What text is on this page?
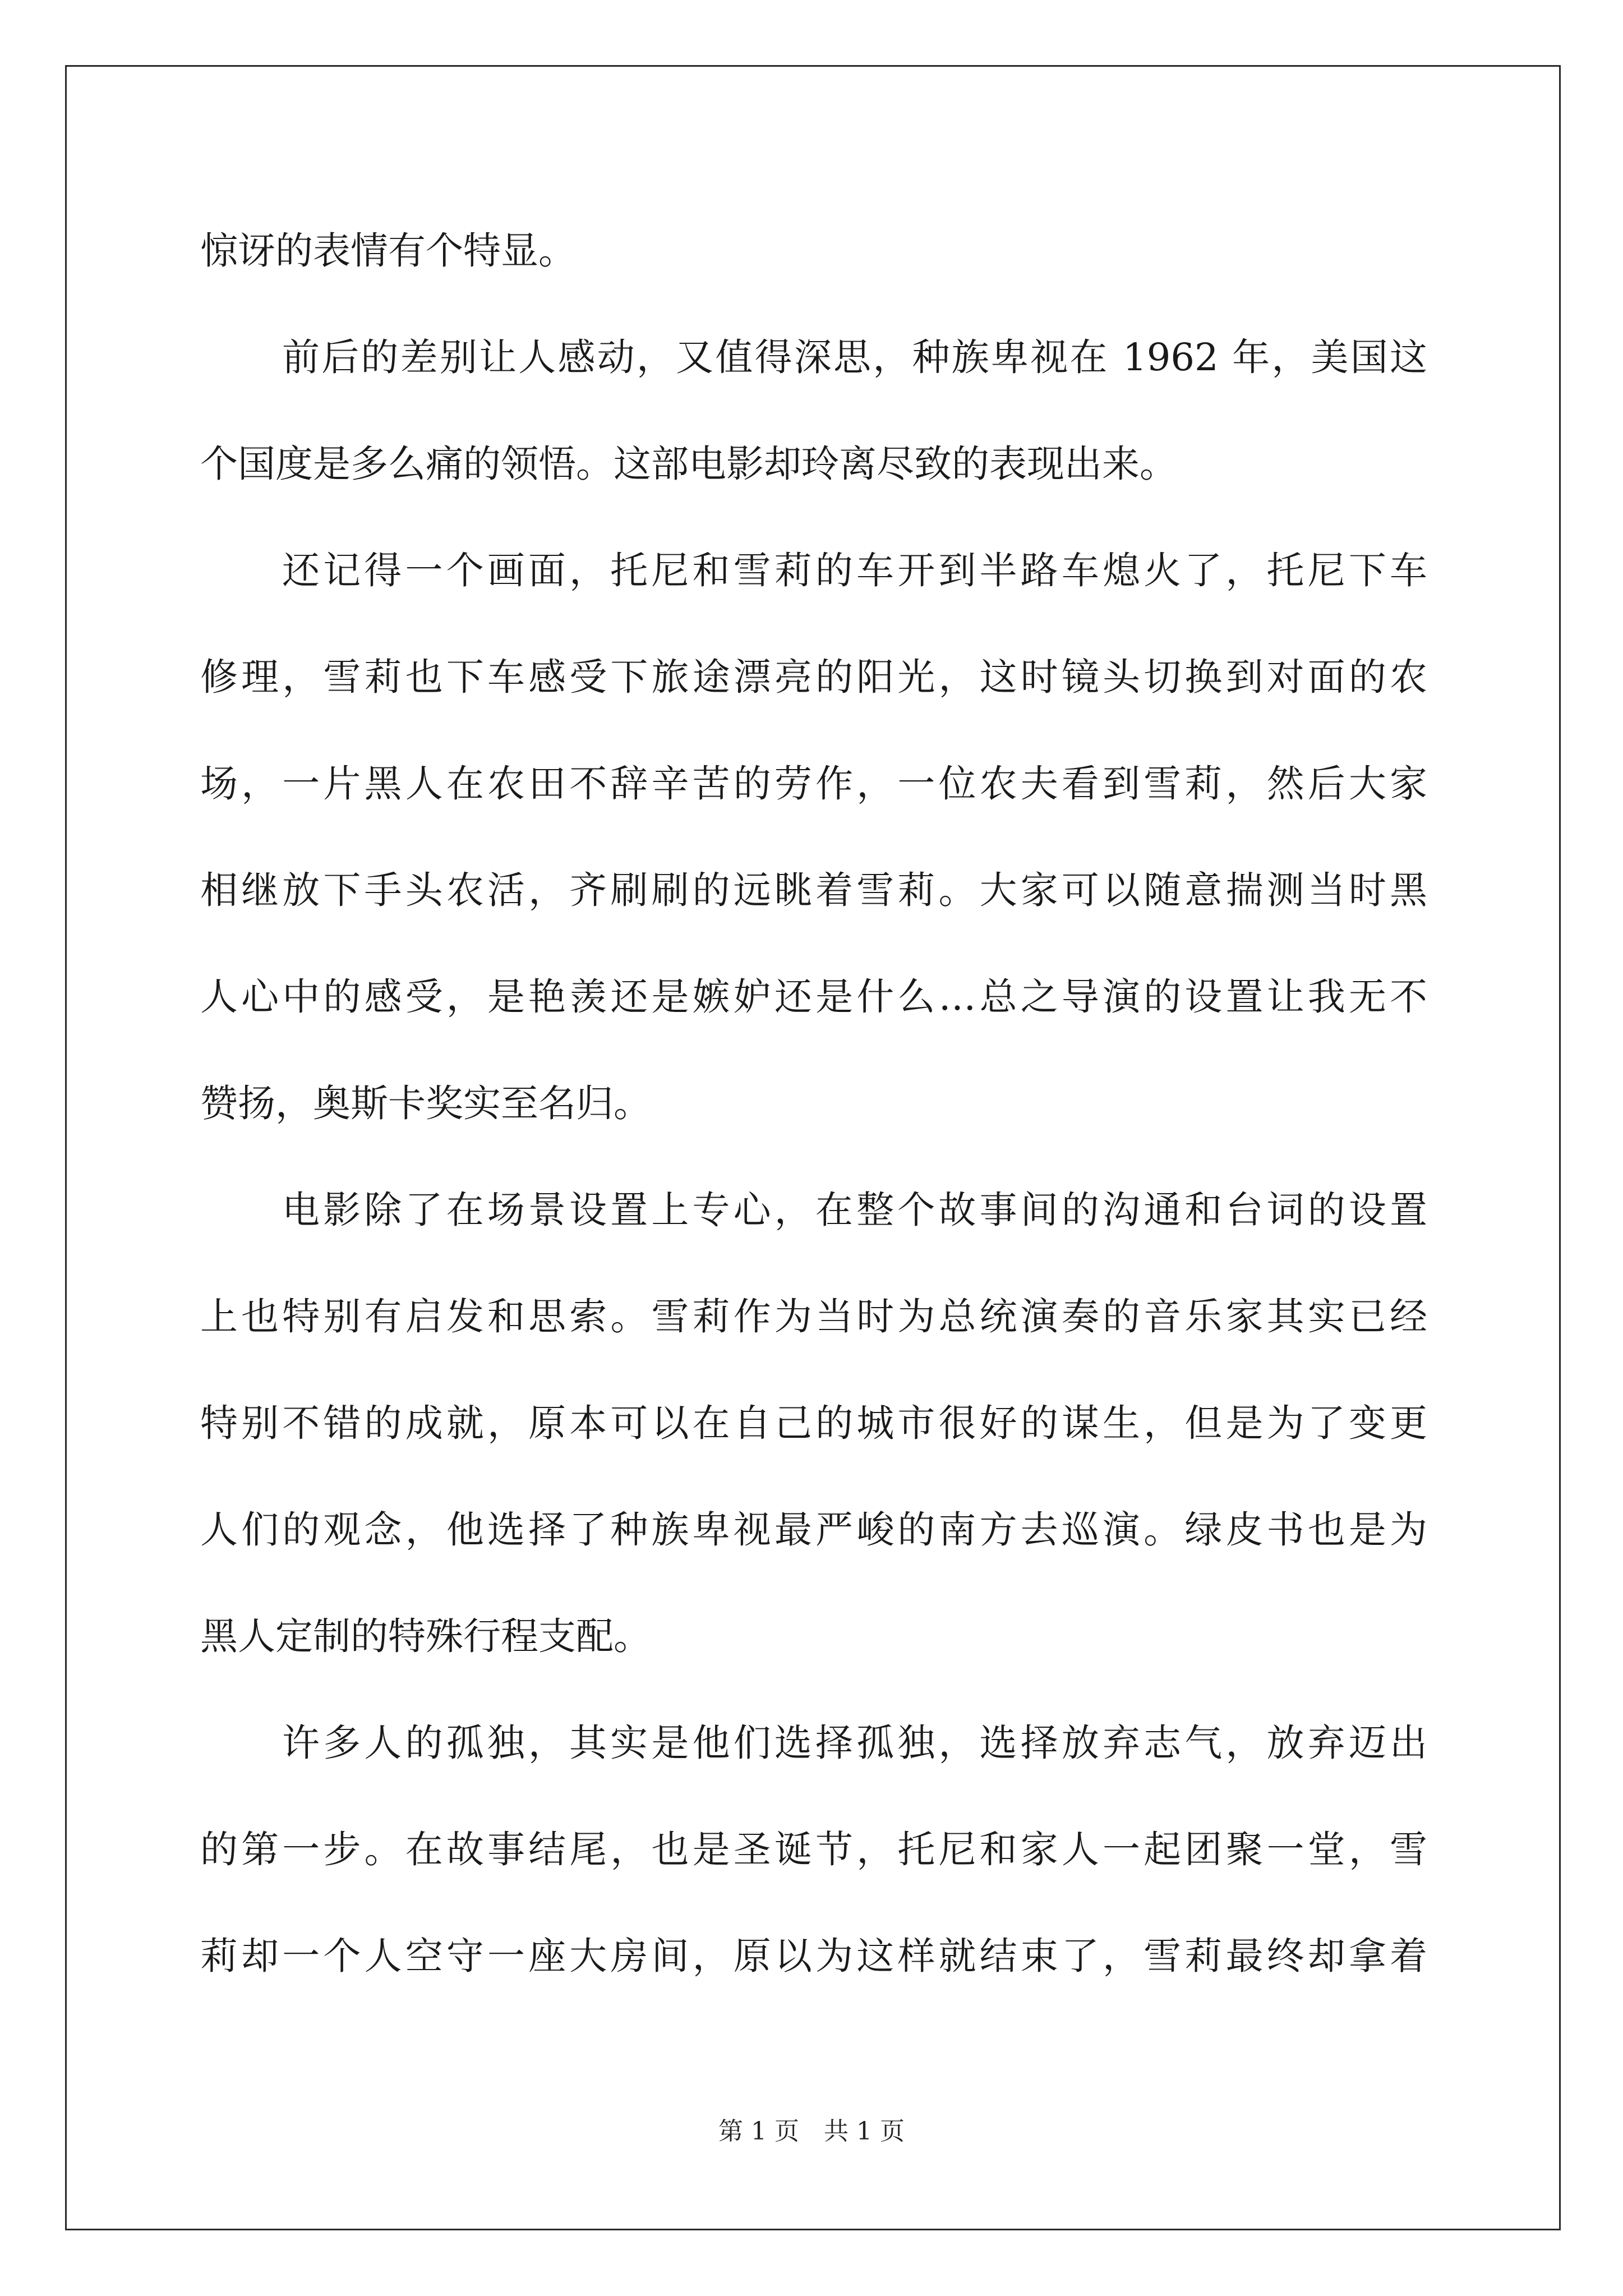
惊讶的表情有个特显。
前后的差别让人感动，又值得深思，种族卑视在 1962 年，美国这
个国度是多么痛的领悟。这部电影却玲离尽致的表现出来。
还记得一个画面，托尼和雪莉的车开到半路车熄火了，托尼下车
修理，雪莉也下车感受下旅途漂亮的阳光，这时镜头切换到对面的农
场，一片黑人在农田不辞辛苦的劳作，一位农夫看到雪莉，然后大家
相继放下手头农活，齐刷刷的远眺着雪莉。大家可以随意揣测当时黑
人心中的感受，是艳羡还是嫉妒还是什么…总之导演的设置让我无不
赞扬，奥斯卡奖实至名归。
电影除了在场景设置上专心，在整个故事间的沟通和台词的设置
上也特别有启发和思索。雪莉作为当时为总统演奏的音乐家其实已经
特别不错的成就，原本可以在自己的城市很好的谋生，但是为了变更
人们的观念，他选择了种族卑视最严峻的南方去巡演。绿皮书也是为
黑人定制的特殊行程支配。
许多人的孤独，其实是他们选择孤独，选择放弃志气，放弃迈出
的第一步。在故事结尾，也是圣诞节，托尼和家人一起团聚一堂，雪
莉却一个人空守一座大房间，原以为这样就结束了，雪莉最终却拿着
第 1 页 共 1 页
